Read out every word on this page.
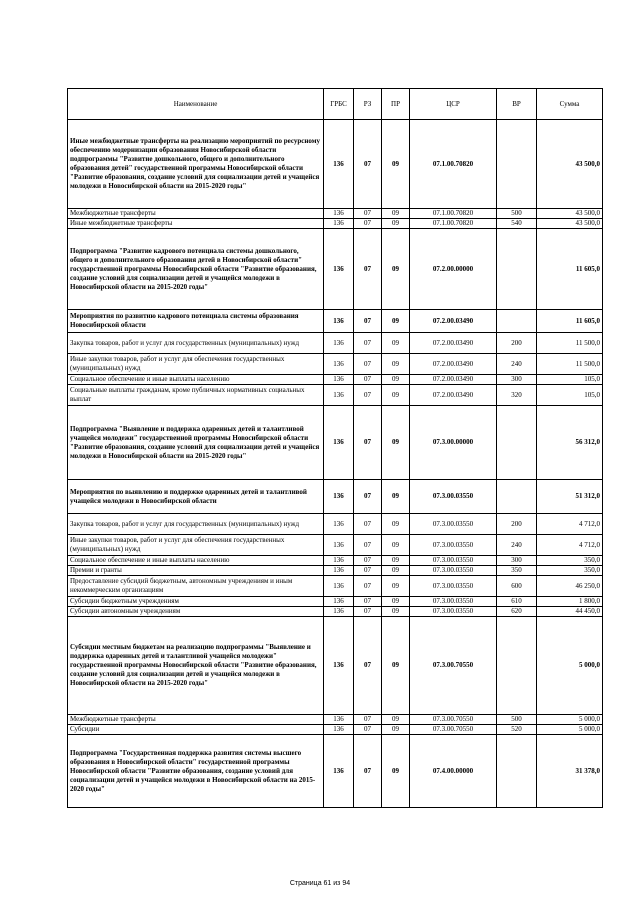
Наименование	ГРБС	РЗ	ПР	ЦСР	ВР	Сумма
Иные межбюджетные трансферты на реализацию мероприятий по ресурсному обеспечению модернизации образования Новосибирской области подпрограммы "Развитие дошкольного, общего и дополнительного образования детей" государственной программы Новосибирской области "Развитие образования, создание условий для социализации детей и учащейся молодежи в Новосибирской области на 2015-2020 годы"	136	07	09	07.1.00.70820		43 500,0
Межбюджетные трансферты	136	07	09	07.1.00.70820	500	43 500,0
Иные межбюджетные трансферты	136	07	09	07.1.00.70820	540	43 500,0
Подпрограмма "Развитие кадрового потенциала системы дошкольного, общего и дополнительного образования детей в Новосибирской области" государственной программы Новосибирской области "Развитие образования, создание условий для социализации детей и учащейся молодежи в Новосибирской области на 2015-2020 годы"	136	07	09	07.2.00.00000		11 605,0
Мероприятия по развитию кадрового потенциала системы образования Новосибирской области	136	07	09	07.2.00.03490		11 605,0
Закупка товаров, работ и услуг для государственных (муниципальных) нужд	136	07	09	07.2.00.03490	200	11 500,0
Иные закупки товаров, работ и услуг для обеспечения государственных (муниципальных) нужд	136	07	09	07.2.00.03490	240	11 500,0
Социальное обеспечение и иные выплаты населению	136	07	09	07.2.00.03490	300	105,0
Социальные выплаты гражданам, кроме публичных нормативных социальных выплат	136	07	09	07.2.00.03490	320	105,0
Подпрограмма "Выявление и поддержка одаренных детей и талантливой учащейся молодежи" государственной программы Новосибирской области "Развитие образования, создание условий для социализации детей и учащейся молодежи в Новосибирской области на 2015-2020 годы"	136	07	09	07.3.00.00000		56 312,0
Мероприятия по выявлению и поддержке одаренных детей и талантливой учащейся молодежи в Новосибирской области	136	07	09	07.3.00.03550		51 312,0
Закупка товаров, работ и услуг для государственных (муниципальных) нужд	136	07	09	07.3.00.03550	200	4 712,0
Иные закупки товаров, работ и услуг для обеспечения государственных (муниципальных) нужд	136	07	09	07.3.00.03550	240	4 712,0
Социальное обеспечение и иные выплаты населению	136	07	09	07.3.00.03550	300	350,0
Премии и гранты	136	07	09	07.3.00.03550	350	350,0
Предоставление субсидий бюджетным, автономным учреждениям и иным некоммерческим организациям	136	07	09	07.3.00.03550	600	46 250,0
Субсидии бюджетным учреждениям	136	07	09	07.3.00.03550	610	1 800,0
Субсидии автономным учреждениям	136	07	09	07.3.00.03550	620	44 450,0
Субсидии местным бюджетам на реализацию подпрограммы "Выявление и поддержка одаренных детей и талантливой учащейся молодежи" государственной программы Новосибирской области "Развитие образования, создание условий для социализации детей и учащейся молодежи в Новосибирской области на 2015-2020 годы"	136	07	09	07.3.00.70550		5 000,0
Межбюджетные трансферты	136	07	09	07.3.00.70550	500	5 000,0
Субсидии	136	07	09	07.3.00.70550	520	5 000,0
Подпрограмма "Государственная поддержка развития системы высшего образования в Новосибирской области" государственной программы Новосибирской области "Развитие образования, создание условий для социализации детей и учащейся молодежи в Новосибирской области на 2015-2020 годы"	136	07	09	07.4.00.00000		31 378,0
Страница 61 из 94
